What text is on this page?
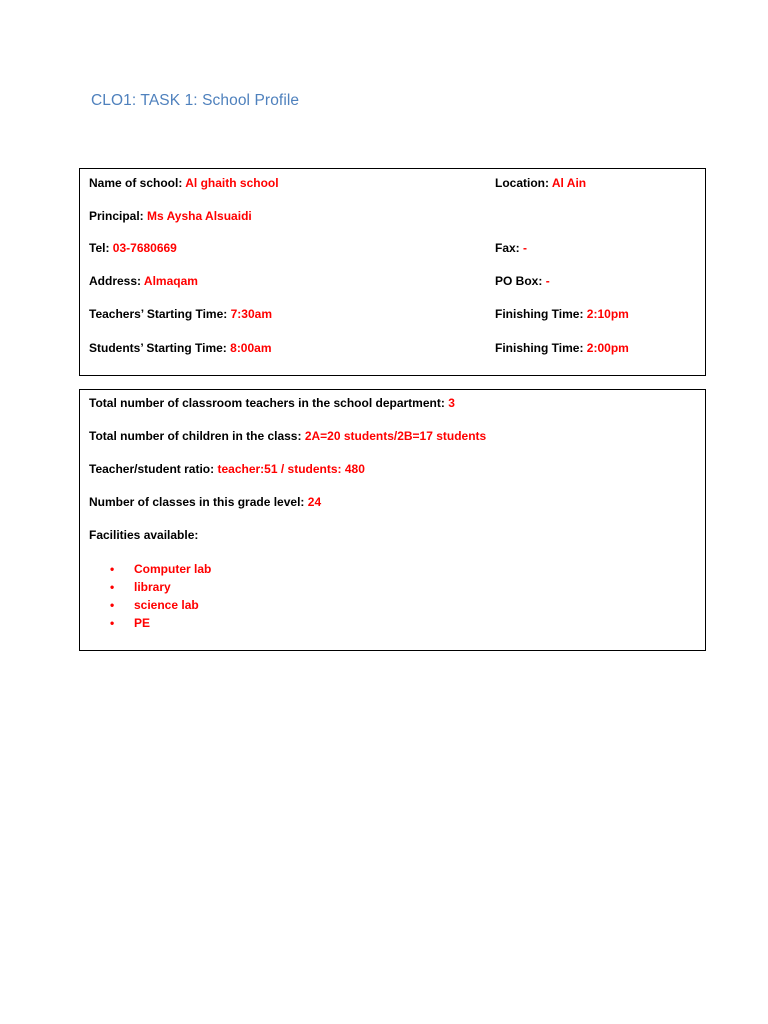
CLO1: TASK 1: School Profile
Name of school: Al ghaith school	Location: Al Ain
Principal: Ms Aysha Alsuaidi
Tel: 03-7680669	Fax: -
Address: Almaqam	PO Box: -
Teachers’ Starting Time: 7:30am	Finishing Time: 2:10pm
Students’ Starting Time: 8:00am	Finishing Time: 2:00pm
Total number of classroom teachers in the school department: 3
Total number of children in the class: 2A=20 students/2B=17 students
Teacher/student ratio: teacher:51 / students: 480
Number of classes in this grade level: 24
Facilities available:
• Computer lab
• library
• science lab
• PE
